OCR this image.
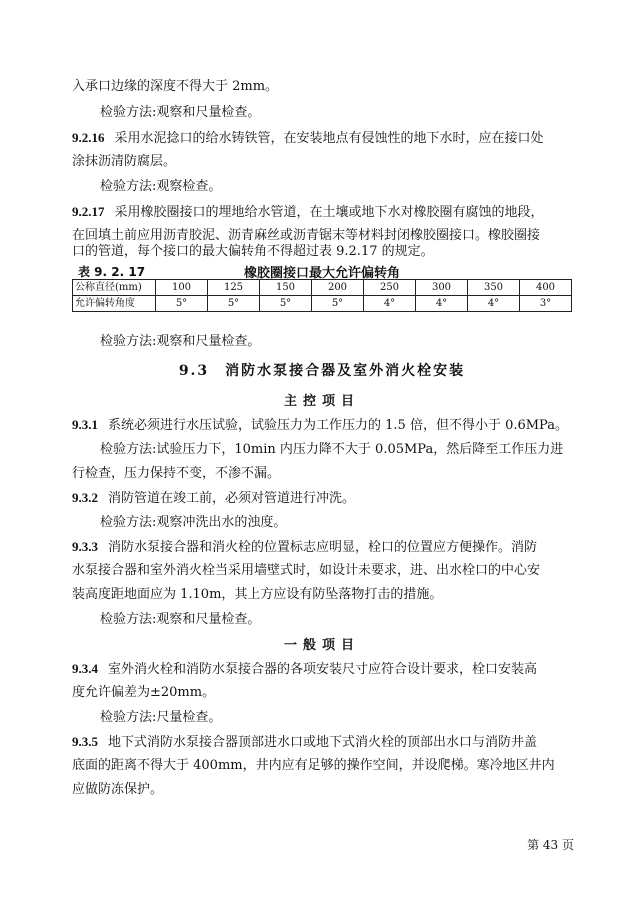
入承口边缘的深度不得大于 2mm。
检验方法:观察和尺量检查。
9.2.16 采用水泥捻口的给水铸铁管，在安装地点有侵蚀性的地下水时，应在接口处
涂抹沥清防腐层。
检验方法:观察检查。
9.2.17 采用橡胶圈接口的埋地给水管道，在土壤或地下水对橡胶圈有腐蚀的地段，
在回填土前应用沥青胶泥、沥青麻丝或沥青锯末等材料封闭橡胶圈接口。橡胶圈接
口的管道，每个接口的最大偏转角不得超过表 9.2.17 的规定。
表 9. 2. 17	橡胶圈接口最大允许偏转角
公称直径(mm)	100	125	150	200	250	300	350	400
允许偏转角度	5°	5°	5°	5°	4°	4°	4°	3°
检验方法:观察和尺量检查。
9.3　消防水泵接合器及室外消火栓安装
主控项目
9.3.1 系统必须进行水压试验，试验压力为工作压力的 1.5 倍，但不得小于 0.6MPa。
检验方法:试验压力下，10min 内压力降不大于 0.05MPa，然后降至工作压力进
行检查，压力保持不变，不渗不漏。
9.3.2 消防管道在竣工前，必须对管道进行冲洗。
检验方法:观察冲洗出水的浊度。
9.3.3 消防水泵接合器和消火栓的位置标志应明显，栓口的位置应方便操作。消防
水泵接合器和室外消火栓当采用墙壁式时，如设计未要求，进、出水栓口的中心安
装高度距地面应为 1.10m，其上方应设有防坠落物打击的措施。
检验方法:观察和尺量检查。
一般项目
9.3.4 室外消火栓和消防水泵接合器的各项安装尺寸应符合设计要求，栓口安装高
度允许偏差为±20mm。
检验方法:尺量检查。
9.3.5 地下式消防水泵接合器顶部进水口或地下式消火栓的顶部出水口与消防井盖
底面的距离不得大于 400mm，井内应有足够的操作空间，并设爬梯。寒冷地区井内
应做防冻保护。
第 43 页
